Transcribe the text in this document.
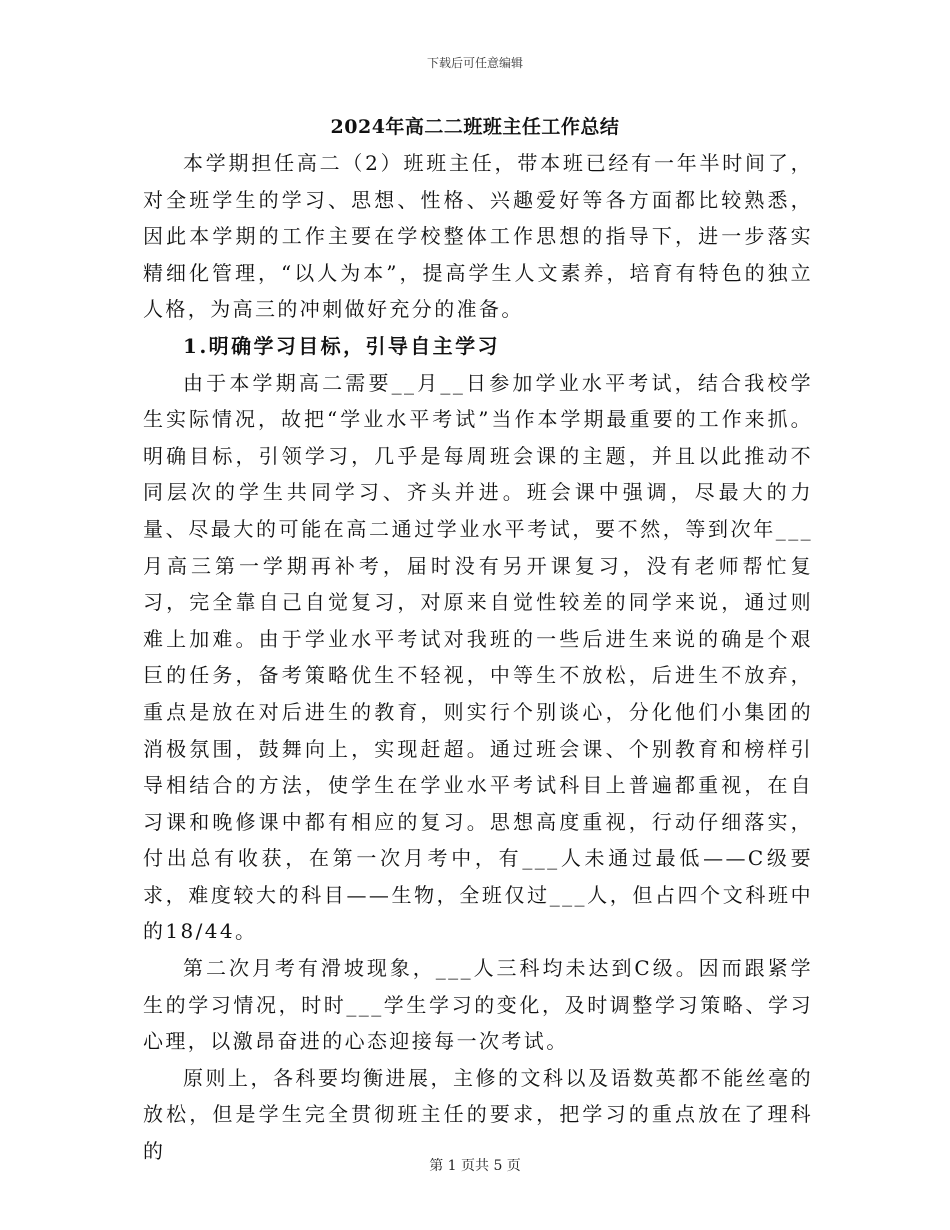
下载后可任意编辑
2024年高二二班班主任工作总结

本学期担任高二（2）班班主任，带本班已经有一年半时间了，对全班学生的学习、思想、性格、兴趣爱好等各方面都比较熟悉，因此本学期的工作主要在学校整体工作思想的指导下，进一步落实精细化管理，“以人为本”，提高学生人文素养，培育有特色的独立人格，为高三的冲刺做好充分的准备。

1.明确学习目标，引导自主学习

由于本学期高二需要__月__日参加学业水平考试，结合我校学生实际情况，故把“学业水平考试”当作本学期最重要的工作来抓。明确目标，引领学习，几乎是每周班会课的主题，并且以此推动不同层次的学生共同学习、齐头并进。班会课中强调，尽最大的力量、尽最大的可能在高二通过学业水平考试，要不然，等到次年___月高三第一学期再补考，届时没有另开课复习，没有老师帮忙复习，完全靠自己自觉复习，对原来自觉性较差的同学来说，通过则难上加难。由于学业水平考试对我班的一些后进生来说的确是个艰巨的任务，备考策略优生不轻视，中等生不放松，后进生不放弃，重点是放在对后进生的教育，则实行个别谈心，分化他们小集团的消极氛围，鼓舞向上，实现赶超。通过班会课、个别教育和榜样引导相结合的方法，使学生在学业水平考试科目上普遍都重视，在自习课和晚修课中都有相应的复习。思想高度重视，行动仔细落实，付出总有收获，在第一次月考中，有___人未通过最低——C级要求，难度较大的科目——生物，全班仅过___人，但占四个文科班中的18/44。

第二次月考有滑坡现象，___人三科均未达到C级。因而跟紧学生的学习情况，时时___学生学习的变化，及时调整学习策略、学习心理，以激昂奋进的心态迎接每一次考试。

原则上，各科要均衡进展，主修的文科以及语数英都不能丝毫的放松，但是学生完全贯彻班主任的要求，把学习的重点放在了理科的

第 1 页共 5 页
